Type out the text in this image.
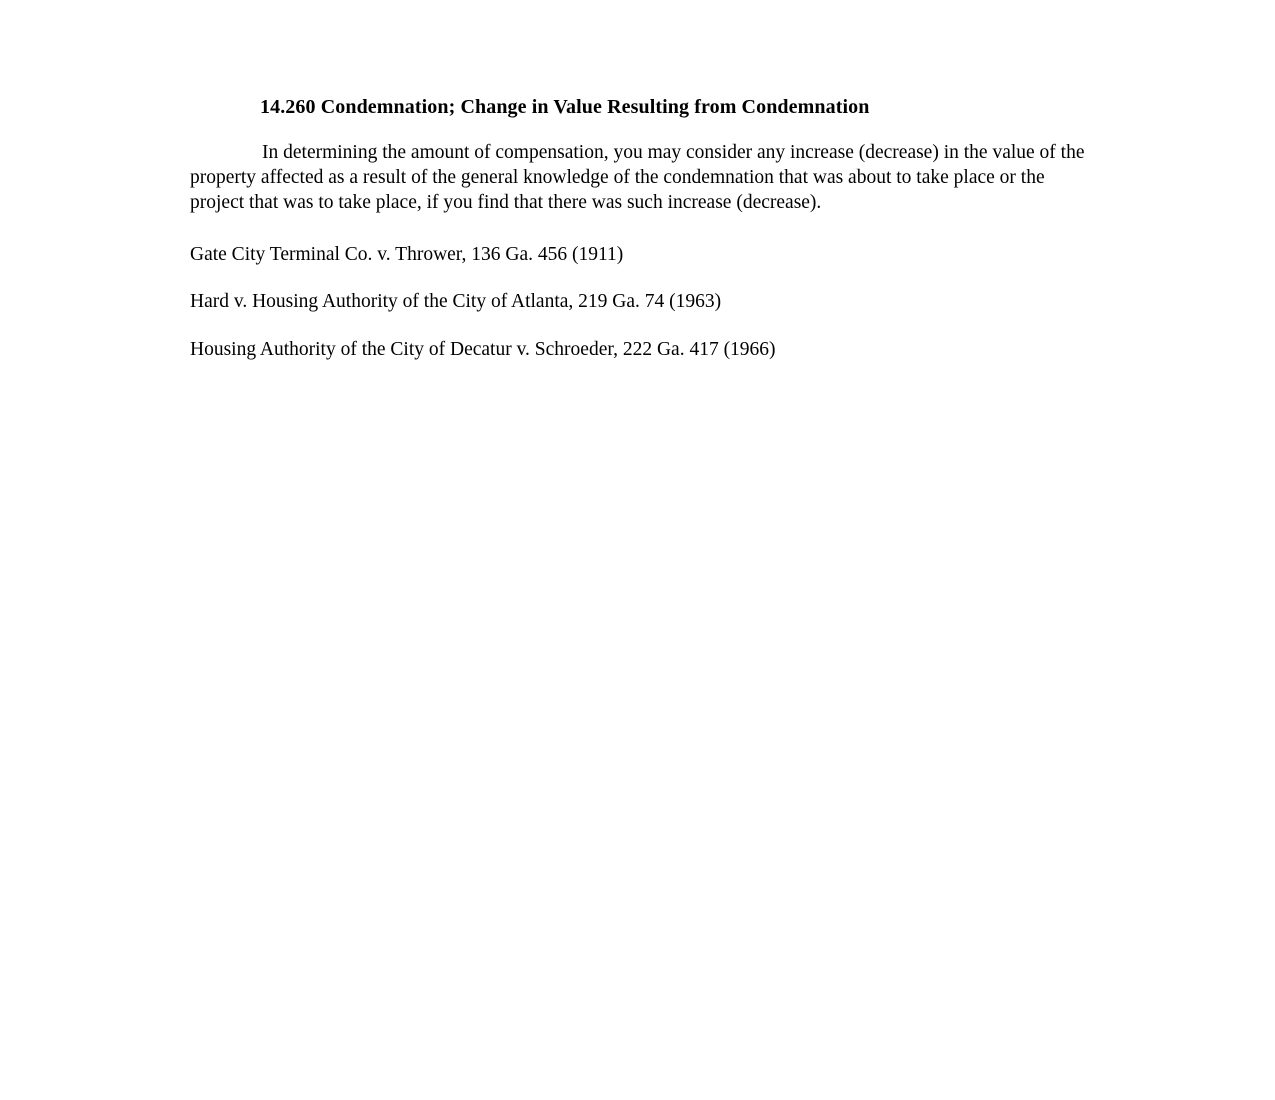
14.260 Condemnation; Change in Value Resulting from Condemnation

In determining the amount of compensation, you may consider any increase (decrease) in the value of the property affected as a result of the general knowledge of the condemnation that was about to take place or the project that was to take place, if you find that there was such increase (decrease).

Gate City Terminal Co. v. Thrower, 136 Ga. 456 (1911)

Hard v. Housing Authority of the City of Atlanta, 219 Ga. 74 (1963)

Housing Authority of the City of Decatur v. Schroeder, 222 Ga. 417 (1966)
